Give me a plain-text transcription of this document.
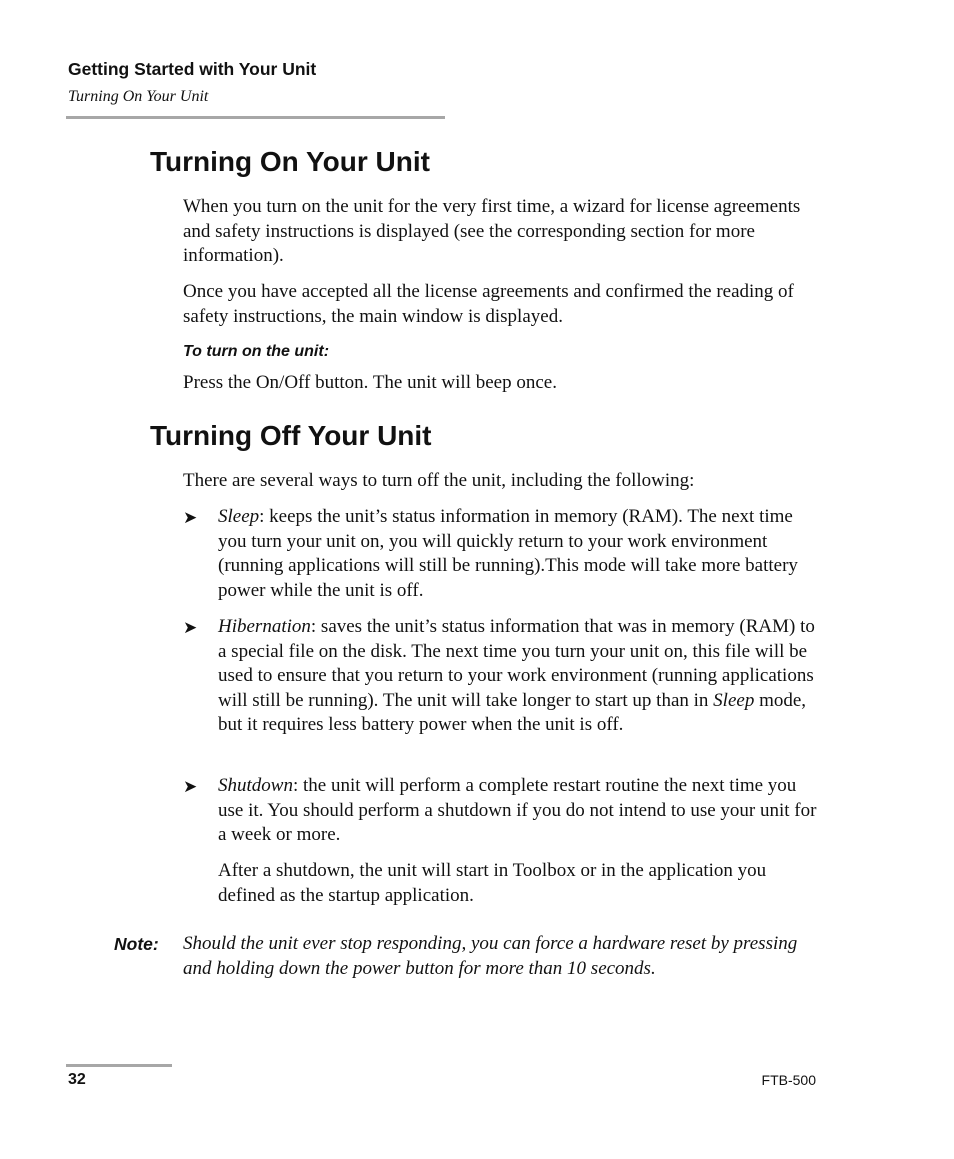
Getting Started with Your Unit
Turning On Your Unit
Turning On Your Unit

When you turn on the unit for the very first time, a wizard for license agreements and safety instructions is displayed (see the corresponding section for more information).

Once you have accepted all the license agreements and confirmed the reading of safety instructions, the main window is displayed.

To turn on the unit:

Press the On/Off button. The unit will beep once.

Turning Off Your Unit

There are several ways to turn off the unit, including the following:

➤ Sleep: keeps the unit’s status information in memory (RAM). The next time you turn your unit on, you will quickly return to your work environment (running applications will still be running).This mode will take more battery power while the unit is off.

➤ Hibernation: saves the unit’s status information that was in memory (RAM) to a special file on the disk. The next time you turn your unit on, this file will be used to ensure that you return to your work environment (running applications will still be running). The unit will take longer to start up than in Sleep mode, but it requires less battery power when the unit is off.

➤ Shutdown: the unit will perform a complete restart routine the next time you use it. You should perform a shutdown if you do not intend to use your unit for a week or more.

After a shutdown, the unit will start in Toolbox or in the application you defined as the startup application.

Note: Should the unit ever stop responding, you can force a hardware reset by pressing and holding down the power button for more than 10 seconds.

32	FTB-500
